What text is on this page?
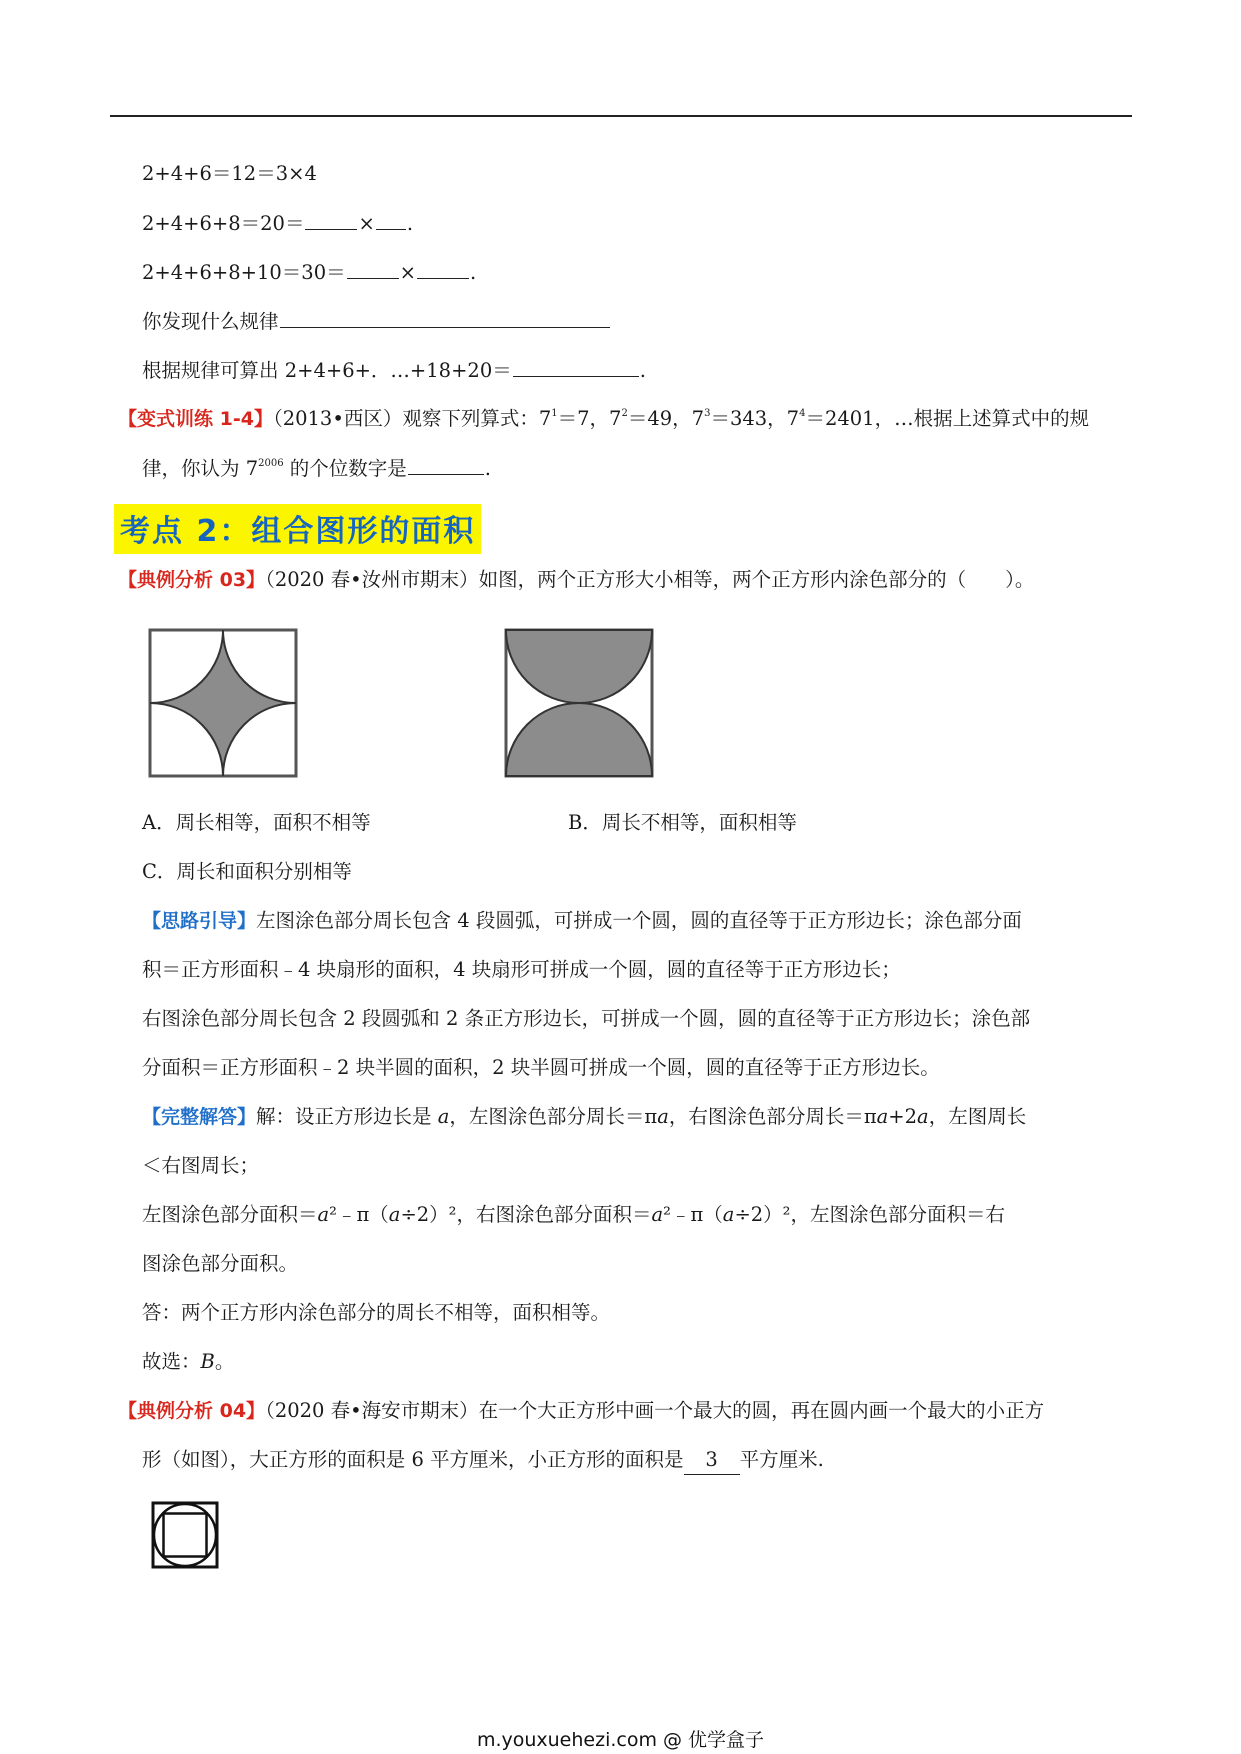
2+4+6＝12＝3×4
2+4+6+8＝20＝	× .
2+4+6+8+10＝30＝	×	.
你发现什么规律
根据规律可算出 2+4+6+．…+18+20＝	.
【变式训练 1-4】（2013•西区）观察下列算式：$7^1=7$，$7^2=49$，$7^3=343$，$7^4=2401$，…根据上述算式中的规
律，你认为 $7^{2006}$ 的个位数字是	.
考点 2：组合图形的面积
【典例分析 03】（2020 春•汝州市期末）如图，两个正方形大小相等，两个正方形内涂色部分的（　　）。
A．周长相等，面积不相等	B．周长不相等，面积相等
C．周长和面积分别相等
【思路引导】左图涂色部分周长包含 4 段圆弧，可拼成一个圆，圆的直径等于正方形边长；涂色部分面
积＝正方形面积﹣4 块扇形的面积，4 块扇形可拼成一个圆，圆的直径等于正方形边长；
右图涂色部分周长包含 2 段圆弧和 2 条正方形边长，可拼成一个圆，圆的直径等于正方形边长；涂色部
分面积＝正方形面积﹣2 块半圆的面积，2 块半圆可拼成一个圆，圆的直径等于正方形边长。
【完整解答】解：设正方形边长是 a，左图涂色部分周长＝πa，右图涂色部分周长＝πa+2a，左图周长
＜右图周长；
左图涂色部分面积＝a²﹣π（a÷2）²，右图涂色部分面积＝a²﹣π（a÷2）²，左图涂色部分面积＝右
图涂色部分面积。
答：两个正方形内涂色部分的周长不相等，面积相等。
故选：B。
【典例分析 04】（2020 春•海安市期末）在一个大正方形中画一个最大的圆，再在圆内画一个最大的小正方
形（如图），大正方形的面积是 6 平方厘米，小正方形的面积是 3 平方厘米.
m.youxuehezi.com @ 优学盒子
